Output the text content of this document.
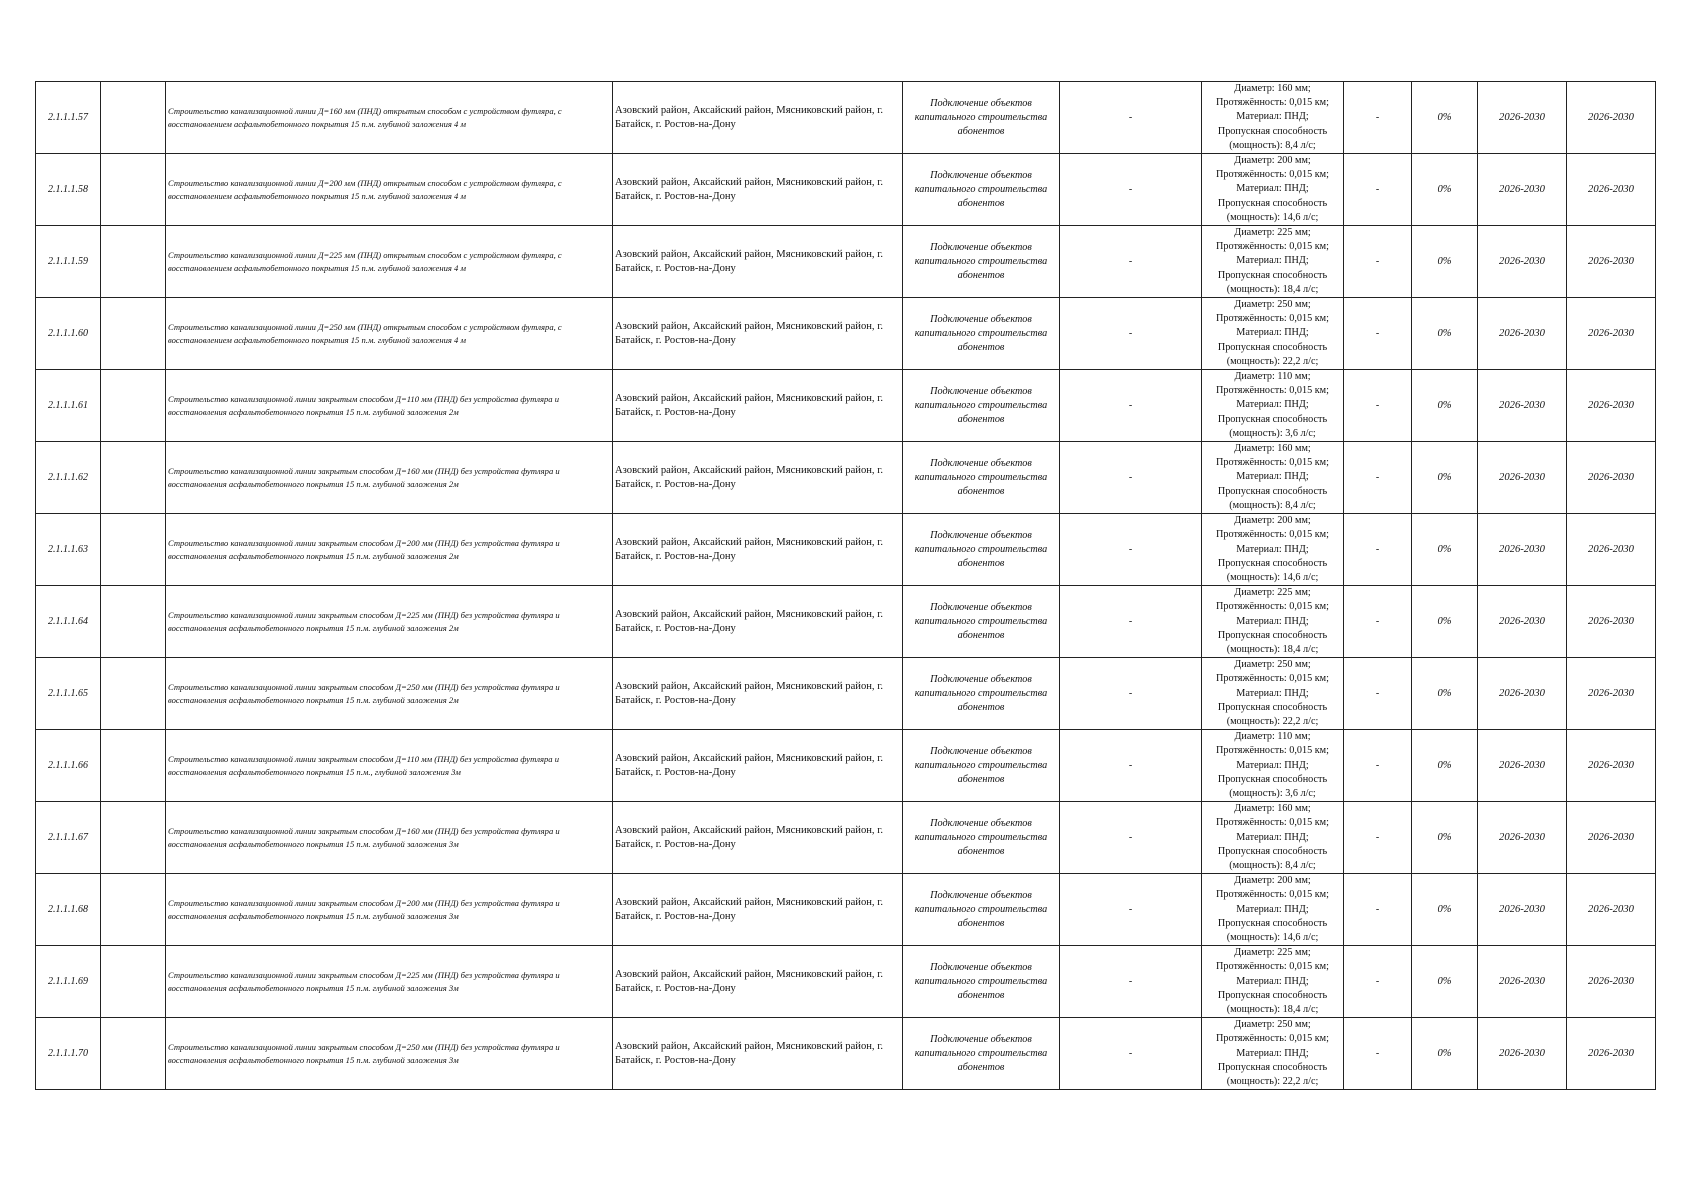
2.1.1.1.57		Строительство канализационной линии Д=160 мм (ПНД) открытым способом с устройством футляра, с восстановлением асфальтобетонного покрытия 15 п.м. глубиной заложения 4 м	Азовский район, Аксайский район, Мясниковский район, г. Батайск, г. Ростов-на-Дону	Подключение объектов капитального строительства абонентов	-	Диаметр: 160 мм;
Протяжённость: 0,015 км;
Материал: ПНД;
Пропускная способность
(мощность): 8,4 л/с;	-	0%	2026-2030	2026-2030
2.1.1.1.58		Строительство канализационной линии Д=200 мм (ПНД) открытым способом с устройством футляра, с восстановлением асфальтобетонного покрытия 15 п.м. глубиной заложения 4 м	Азовский район, Аксайский район, Мясниковский район, г. Батайск, г. Ростов-на-Дону	Подключение объектов капитального строительства абонентов	-	Диаметр: 200 мм;
Протяжённость: 0,015 км;
Материал: ПНД;
Пропускная способность
(мощность): 14,6 л/с;	-	0%	2026-2030	2026-2030
2.1.1.1.59		Строительство канализационной линии Д=225 мм (ПНД) открытым способом с устройством футляра, с восстановлением асфальтобетонного покрытия 15 п.м. глубиной заложения 4 м	Азовский район, Аксайский район, Мясниковский район, г. Батайск, г. Ростов-на-Дону	Подключение объектов капитального строительства абонентов	-	Диаметр: 225 мм;
Протяжённость: 0,015 км;
Материал: ПНД;
Пропускная способность
(мощность): 18,4 л/с;	-	0%	2026-2030	2026-2030
2.1.1.1.60		Строительство канализационной линии Д=250 мм (ПНД) открытым способом с устройством футляра, с восстановлением асфальтобетонного покрытия 15 п.м. глубиной заложения 4 м	Азовский район, Аксайский район, Мясниковский район, г. Батайск, г. Ростов-на-Дону	Подключение объектов капитального строительства абонентов	-	Диаметр: 250 мм;
Протяжённость: 0,015 км;
Материал: ПНД;
Пропускная способность
(мощность): 22,2 л/с;	-	0%	2026-2030	2026-2030
2.1.1.1.61		Строительство канализационной линии закрытым способом Д=110 мм (ПНД) без устройства футляра и восстановления асфальтобетонного покрытия 15 п.м. глубиной заложения 2м	Азовский район, Аксайский район, Мясниковский район, г. Батайск, г. Ростов-на-Дону	Подключение объектов капитального строительства абонентов	-	Диаметр: 110 мм;
Протяжённость: 0,015 км;
Материал: ПНД;
Пропускная способность
(мощность): 3,6 л/с;	-	0%	2026-2030	2026-2030
2.1.1.1.62		Строительство канализационной линии закрытым способом Д=160 мм (ПНД) без устройства футляра и восстановления асфальтобетонного покрытия 15 п.м. глубиной заложения 2м	Азовский район, Аксайский район, Мясниковский район, г. Батайск, г. Ростов-на-Дону	Подключение объектов капитального строительства абонентов	-	Диаметр: 160 мм;
Протяжённость: 0,015 км;
Материал: ПНД;
Пропускная способность
(мощность): 8,4 л/с;	-	0%	2026-2030	2026-2030
2.1.1.1.63		Строительство канализационной линии закрытым способом Д=200 мм (ПНД) без устройства футляра и восстановления асфальтобетонного покрытия 15 п.м. глубиной заложения 2м	Азовский район, Аксайский район, Мясниковский район, г. Батайск, г. Ростов-на-Дону	Подключение объектов капитального строительства абонентов	-	Диаметр: 200 мм;
Протяжённость: 0,015 км;
Материал: ПНД;
Пропускная способность
(мощность): 14,6 л/с;	-	0%	2026-2030	2026-2030
2.1.1.1.64		Строительство канализационной линии закрытым способом Д=225 мм (ПНД) без устройства футляра и восстановления асфальтобетонного покрытия 15 п.м. глубиной заложения 2м	Азовский район, Аксайский район, Мясниковский район, г. Батайск, г. Ростов-на-Дону	Подключение объектов капитального строительства абонентов	-	Диаметр: 225 мм;
Протяжённость: 0,015 км;
Материал: ПНД;
Пропускная способность
(мощность): 18,4 л/с;	-	0%	2026-2030	2026-2030
2.1.1.1.65		Строительство канализационной линии закрытым способом Д=250 мм (ПНД) без устройства футляра и восстановления асфальтобетонного покрытия 15 п.м. глубиной заложения 2м	Азовский район, Аксайский район, Мясниковский район, г. Батайск, г. Ростов-на-Дону	Подключение объектов капитального строительства абонентов	-	Диаметр: 250 мм;
Протяжённость: 0,015 км;
Материал: ПНД;
Пропускная способность
(мощность): 22,2 л/с;	-	0%	2026-2030	2026-2030
2.1.1.1.66		Строительство канализационной линии закрытым способом Д=110 мм (ПНД) без устройства футляра и восстановления асфальтобетонного покрытия 15 п.м., глубиной заложения 3м	Азовский район, Аксайский район, Мясниковский район, г. Батайск, г. Ростов-на-Дону	Подключение объектов капитального строительства абонентов	-	Диаметр: 110 мм;
Протяжённость: 0,015 км;
Материал: ПНД;
Пропускная способность
(мощность): 3,6 л/с;	-	0%	2026-2030	2026-2030
2.1.1.1.67		Строительство канализационной линии закрытым способом Д=160 мм (ПНД) без устройства футляра и восстановления асфальтобетонного покрытия 15 п.м. глубиной заложения 3м	Азовский район, Аксайский район, Мясниковский район, г. Батайск, г. Ростов-на-Дону	Подключение объектов капитального строительства абонентов	-	Диаметр: 160 мм;
Протяжённость: 0,015 км;
Материал: ПНД;
Пропускная способность
(мощность): 8,4 л/с;	-	0%	2026-2030	2026-2030
2.1.1.1.68		Строительство канализационной линии закрытым способом Д=200 мм (ПНД) без устройства футляра и восстановления асфальтобетонного покрытия 15 п.м. глубиной заложения 3м	Азовский район, Аксайский район, Мясниковский район, г. Батайск, г. Ростов-на-Дону	Подключение объектов капитального строительства абонентов	-	Диаметр: 200 мм;
Протяжённость: 0,015 км;
Материал: ПНД;
Пропускная способность
(мощность): 14,6 л/с;	-	0%	2026-2030	2026-2030
2.1.1.1.69		Строительство канализационной линии закрытым способом Д=225 мм (ПНД) без устройства футляра и восстановления асфальтобетонного покрытия 15 п.м. глубиной заложения 3м	Азовский район, Аксайский район, Мясниковский район, г. Батайск, г. Ростов-на-Дону	Подключение объектов капитального строительства абонентов	-	Диаметр: 225 мм;
Протяжённость: 0,015 км;
Материал: ПНД;
Пропускная способность
(мощность): 18,4 л/с;	-	0%	2026-2030	2026-2030
2.1.1.1.70		Строительство канализационной линии закрытым способом Д=250 мм (ПНД) без устройства футляра и восстановления асфальтобетонного покрытия 15 п.м. глубиной заложения 3м	Азовский район, Аксайский район, Мясниковский район, г. Батайск, г. Ростов-на-Дону	Подключение объектов капитального строительства абонентов	-	Диаметр: 250 мм;
Протяжённость: 0,015 км;
Материал: ПНД;
Пропускная способность
(мощность): 22,2 л/с;	-	0%	2026-2030	2026-2030
